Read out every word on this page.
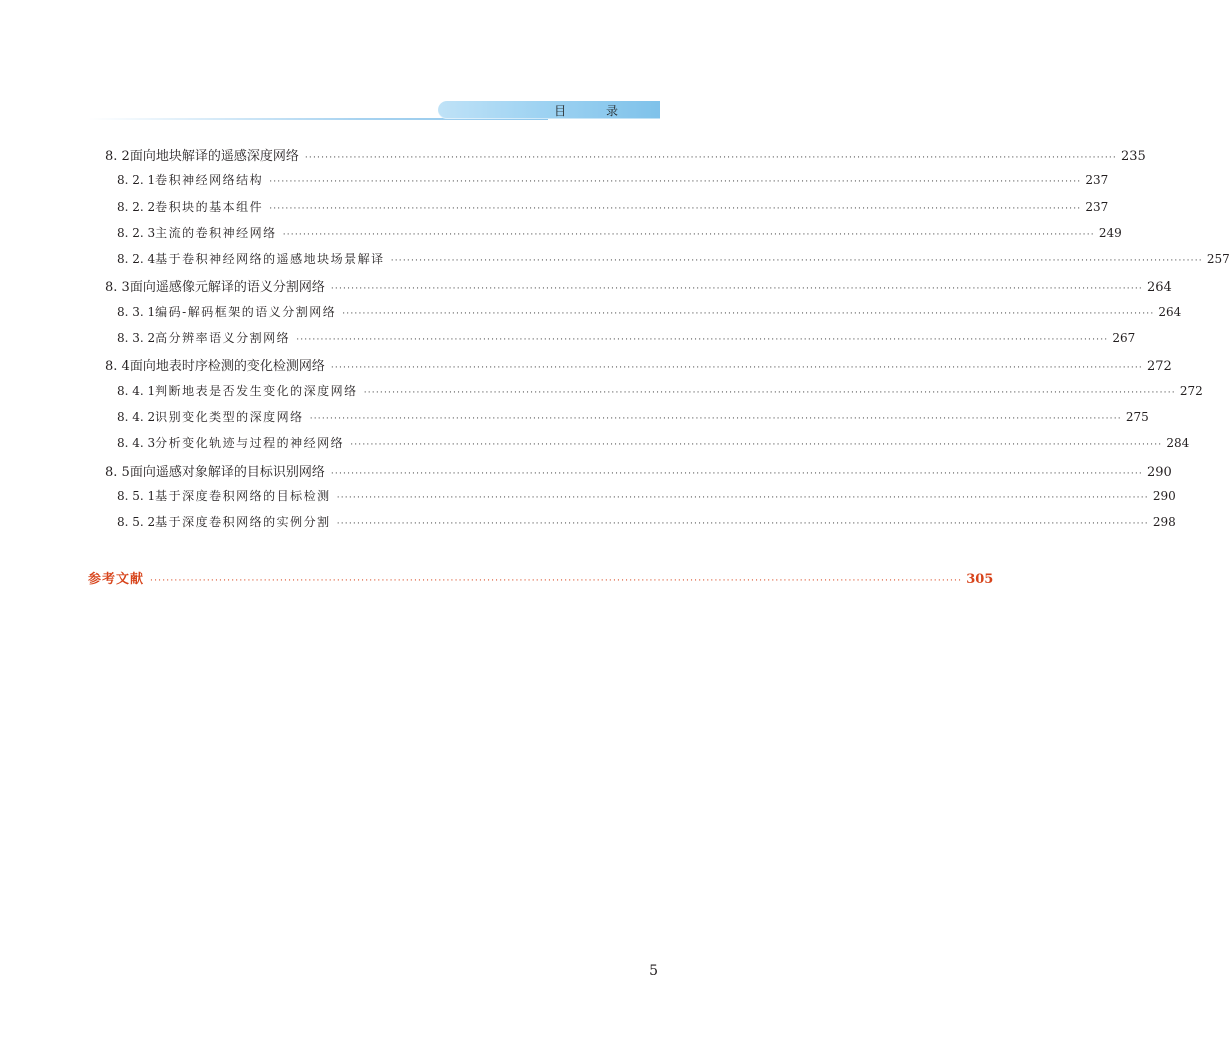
目 录
8. 2 面向地块解译的遥感深度网络 ········································································································································································································ 235
8. 2. 1 卷积神经网络结构 ········································································································································································································ 237
8. 2. 2 卷积块的基本组件 ········································································································································································································ 237
8. 2. 3 主流的卷积神经网络 ········································································································································································································ 249
8. 2. 4 基于卷积神经网络的遥感地块场景解译 ········································································································································································································ 257
8. 3 面向遥感像元解译的语义分割网络 ········································································································································································································ 264
8. 3. 1 编码-解码框架的语义分割网络 ········································································································································································································ 264
8. 3. 2 高分辨率语义分割网络 ········································································································································································································ 267
8. 4 面向地表时序检测的变化检测网络 ········································································································································································································ 272
8. 4. 1 判断地表是否发生变化的深度网络 ········································································································································································································ 272
8. 4. 2 识别变化类型的深度网络 ········································································································································································································ 275
8. 4. 3 分析变化轨迹与过程的神经网络 ········································································································································································································ 284
8. 5 面向遥感对象解译的目标识别网络 ········································································································································································································ 290
8. 5. 1 基于深度卷积网络的目标检测 ········································································································································································································ 290
8. 5. 2 基于深度卷积网络的实例分割 ········································································································································································································ 298
参考文献 ········································································································································································································ 305
5
